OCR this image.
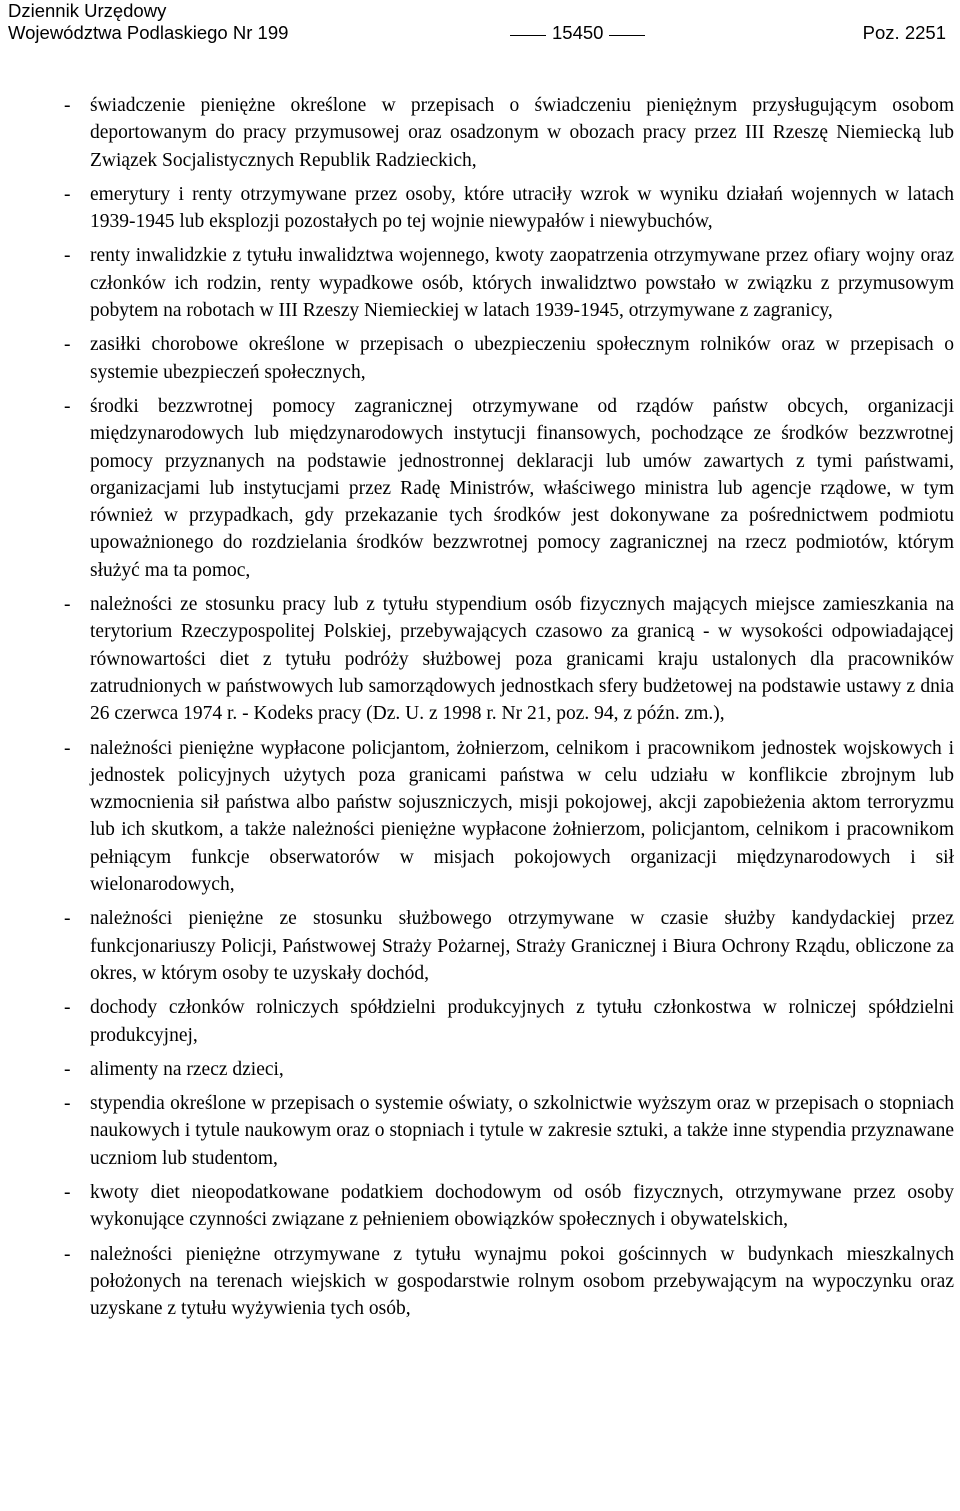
Dziennik Urzędowy
Województwa Podlaskiego Nr 199	15450	Poz. 2251
- świadczenie pieniężne określone w przepisach o świadczeniu pieniężnym przysługującym osobom deportowanym do pracy przymusowej oraz osadzonym w obozach pracy przez III Rzeszę Niemiecką lub Związek Socjalistycznych Republik Radzieckich,
- emerytury i renty otrzymywane przez osoby, które utraciły wzrok w wyniku działań wojennych w latach 1939-1945 lub eksplozji pozostałych po tej wojnie niewypałów i niewybuchów,
- renty inwalidzkie z tytułu inwalidztwa wojennego, kwoty zaopatrzenia otrzymywane przez ofiary wojny oraz członków ich rodzin, renty wypadkowe osób, których inwalidztwo powstało w związku z przymusowym pobytem na robotach w III Rzeszy Niemieckiej w latach 1939-1945, otrzymywane z zagranicy,
- zasiłki chorobowe określone w przepisach o ubezpieczeniu społecznym rolników oraz w przepisach o systemie ubezpieczeń społecznych,
- środki bezzwrotnej pomocy zagranicznej otrzymywane od rządów państw obcych, organizacji międzynarodowych lub międzynarodowych instytucji finansowych, pochodzące ze środków bezzwrotnej pomocy przyznanych na podstawie jednostronnej deklaracji lub umów zawartych z tymi państwami, organizacjami lub instytucjami przez Radę Ministrów, właściwego ministra lub agencje rządowe, w tym również w przypadkach, gdy przekazanie tych środków jest dokonywane za pośrednictwem podmiotu upoważnionego do rozdzielania środków bezzwrotnej pomocy zagranicznej na rzecz podmiotów, którym służyć ma ta pomoc,
- należności ze stosunku pracy lub z tytułu stypendium osób fizycznych mających miejsce zamieszkania na terytorium Rzeczypospolitej Polskiej, przebywających czasowo za granicą - w wysokości odpowiadającej równowartości diet z tytułu podróży służbowej poza granicami kraju ustalonych dla pracowników zatrudnionych w państwowych lub samorządowych jednostkach sfery budżetowej na podstawie ustawy z dnia 26 czerwca 1974 r. - Kodeks pracy (Dz. U. z 1998 r. Nr 21, poz. 94, z późn. zm.),
- należności pieniężne wypłacone policjantom, żołnierzom, celnikom i pracownikom jednostek wojskowych i jednostek policyjnych użytych poza granicami państwa w celu udziału w konflikcie zbrojnym lub wzmocnienia sił państwa albo państw sojuszniczych, misji pokojowej, akcji zapobieżenia aktom terroryzmu lub ich skutkom, a także należności pieniężne wypłacone żołnierzom, policjantom, celnikom i pracownikom pełniącym funkcje obserwatorów w misjach pokojowych organizacji międzynarodowych i sił wielonarodowych,
- należności pieniężne ze stosunku służbowego otrzymywane w czasie służby kandydackiej przez funkcjonariuszy Policji, Państwowej Straży Pożarnej, Straży Granicznej i Biura Ochrony Rządu, obliczone za okres, w którym osoby te uzyskały dochód,
- dochody członków rolniczych spółdzielni produkcyjnych z tytułu członkostwa w rolniczej spółdzielni produkcyjnej,
- alimenty na rzecz dzieci,
- stypendia określone w przepisach o systemie oświaty, o szkolnictwie wyższym oraz w przepisach o stopniach naukowych i tytule naukowym oraz o stopniach i tytule w zakresie sztuki, a także inne stypendia przyznawane uczniom lub studentom,
- kwoty diet nieopodatkowane podatkiem dochodowym od osób fizycznych, otrzymywane przez osoby wykonujące czynności związane z pełnieniem obowiązków społecznych i obywatelskich,
- należności pieniężne otrzymywane z tytułu wynajmu pokoi gościnnych w budynkach mieszkalnych położonych na terenach wiejskich w gospodarstwie rolnym osobom przebywającym na wypoczynku oraz uzyskane z tytułu wyżywienia tych osób,
